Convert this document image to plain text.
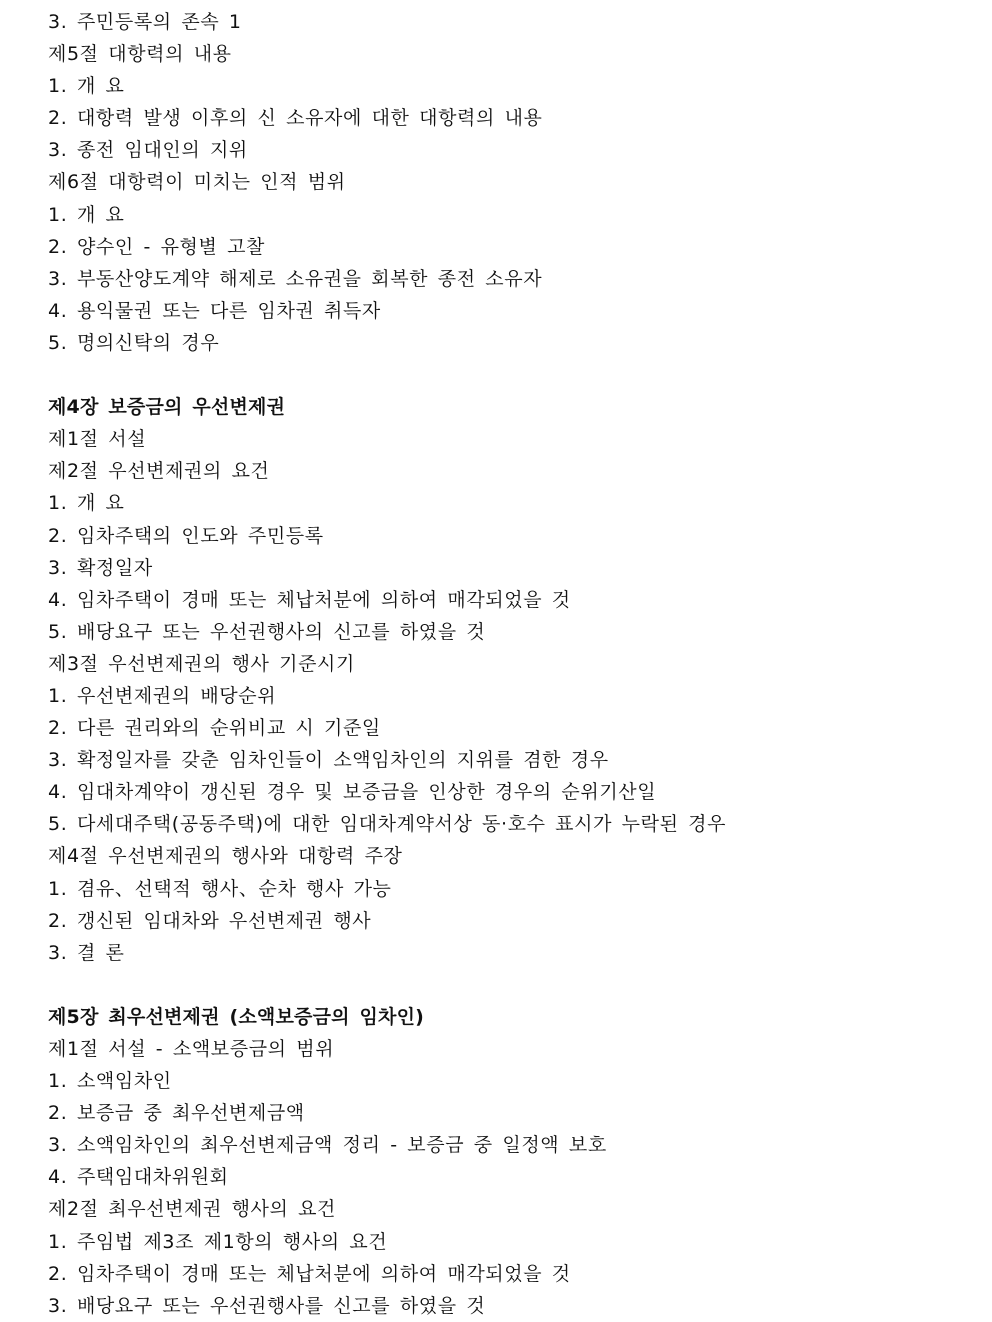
3. 주민등록의 존속 1
제5절 대항력의 내용
1. 개 요
2. 대항력 발생 이후의 신 소유자에 대한 대항력의 내용
3. 종전 임대인의 지위
제6절 대항력이 미치는 인적 범위
1. 개 요
2. 양수인 - 유형별 고찰
3. 부동산양도계약 해제로 소유권을 회복한 종전 소유자
4. 용익물권 또는 다른 임차권 취득자
5. 명의신탁의 경우
제4장 보증금의 우선변제권
제1절 서설
제2절 우선변제권의 요건
1. 개 요
2. 임차주택의 인도와 주민등록
3. 확정일자
4. 임차주택이 경매 또는 체납처분에 의하여 매각되었을 것
5. 배당요구 또는 우선권행사의 신고를 하였을 것
제3절 우선변제권의 행사 기준시기
1. 우선변제권의 배당순위
2. 다른 권리와의 순위비교 시 기준일
3. 확정일자를 갖춘 임차인들이 소액임차인의 지위를 겸한 경우
4. 임대차계약이 갱신된 경우 및 보증금을 인상한 경우의 순위기산일
5. 다세대주택(공동주택)에 대한 임대차계약서상 동·호수 표시가 누락된 경우
제4절 우선변제권의 행사와 대항력 주장
1. 겸유、선택적 행사、순차 행사 가능
2. 갱신된 임대차와 우선변제권 행사
3. 결 론
제5장 최우선변제권 (소액보증금의 임차인)
제1절 서설 - 소액보증금의 범위
1. 소액임차인
2. 보증금 중 최우선변제금액
3. 소액임차인의 최우선변제금액 정리 - 보증금 중 일정액 보호
4. 주택임대차위원회
제2절 최우선변제권 행사의 요건
1. 주임법 제3조 제1항의 행사의 요건
2. 임차주택이 경매 또는 체납처분에 의하여 매각되었을 것
3. 배당요구 또는 우선권행사를 신고를 하였을 것
